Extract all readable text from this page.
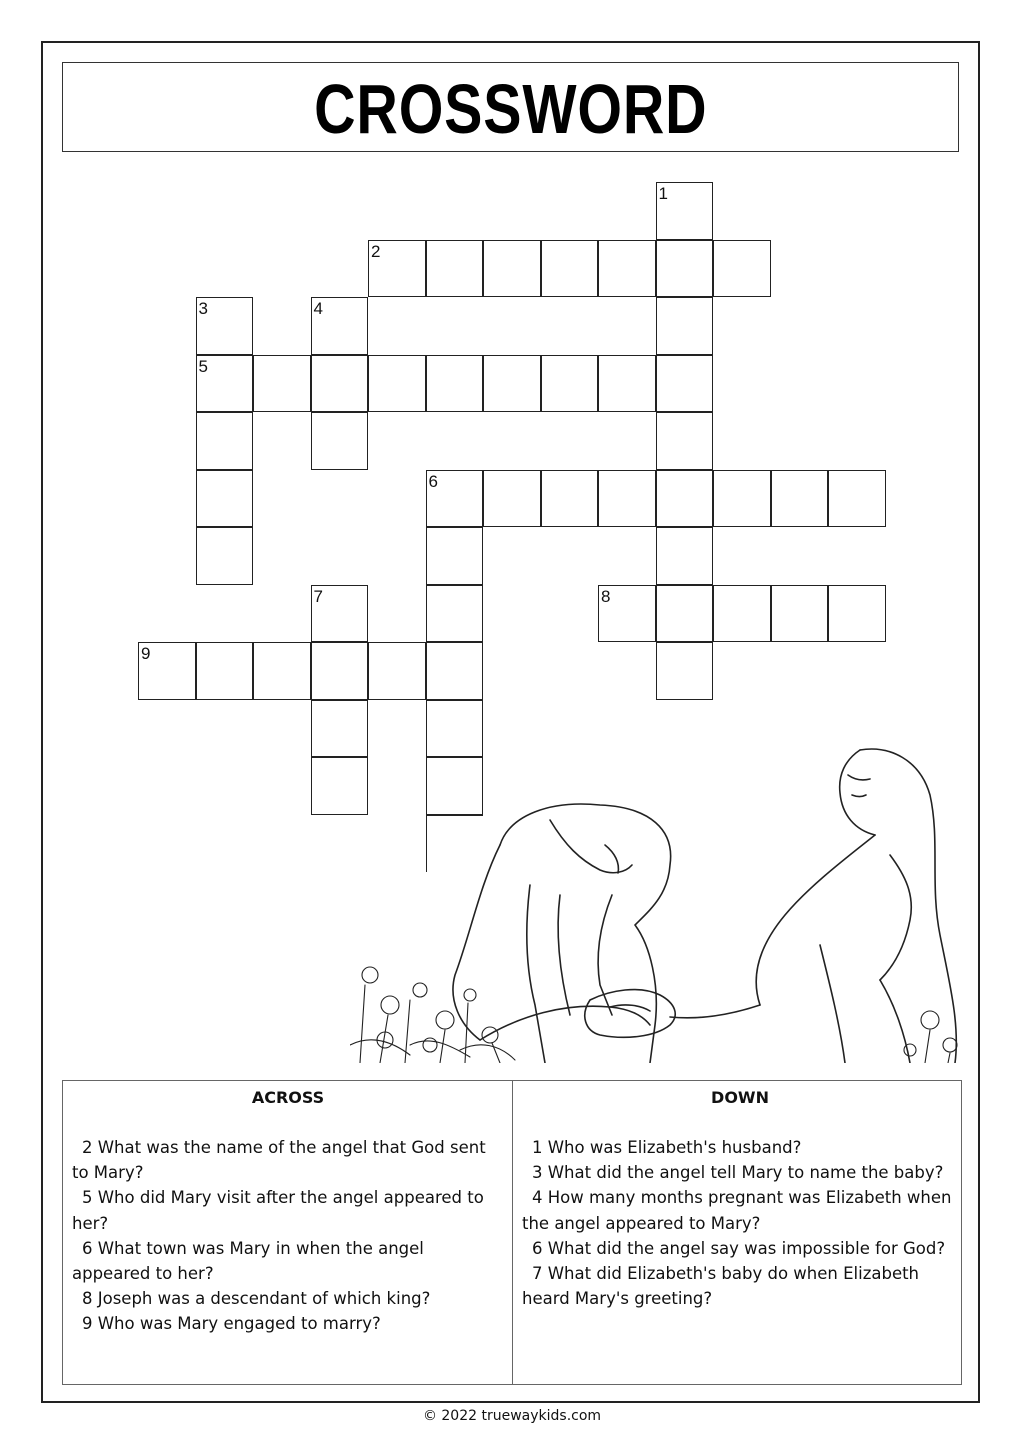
CROSSWORD
1
2
3	4
5
6
7	8
9
ACROSS
2 What was the name of the angel that God sent to Mary?
5 Who did Mary visit after the angel appeared to her?
6 What town was Mary in when the angel appeared to her?
8 Joseph was a descendant of which king?
9 Who was Mary engaged to marry?
DOWN
1 Who was Elizabeth's husband?
3 What did the angel tell Mary to name the baby?
4 How many months pregnant was Elizabeth when the angel appeared to Mary?
6 What did the angel say was impossible for God?
7 What did Elizabeth's baby do when Elizabeth heard Mary's greeting?
© 2022 truewaykids.com
